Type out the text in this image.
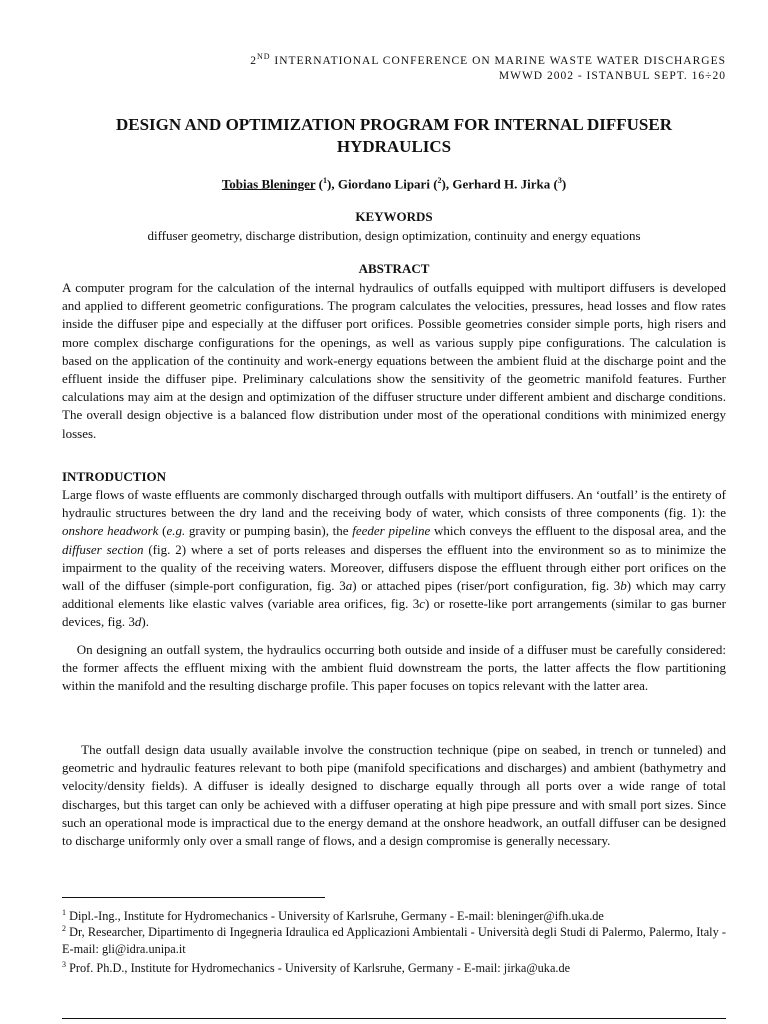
2ND INTERNATIONAL CONFERENCE ON MARINE WASTE WATER DISCHARGES
MWWD 2002 - ISTANBUL SEPT. 16÷20
DESIGN AND OPTIMIZATION PROGRAM FOR INTERNAL DIFFUSER
HYDRAULICS
Tobias Bleninger ($^1$), Giordano Lipari ($^2$), Gerhard H. Jirka ($^3$)
KEYWORDS
diffuser geometry, discharge distribution, design optimization, continuity and energy equations
ABSTRACT
A computer program for the calculation of the internal hydraulics of outfalls equipped with multiport diffusers is developed and applied to different geometric configurations. The program calculates the velocities, pressures, head losses and flow rates inside the diffuser pipe and especially at the diffuser port orifices. Possible geometries consider simple ports, high risers and more complex discharge configurations for the openings, as well as various supply pipe configurations. The calculation is based on the application of the continuity and work-energy equations between the ambient fluid at the discharge point and the effluent inside the diffuser pipe. Preliminary calculations show the sensitivity of the geometric manifold features. Further calculations may aim at the design and optimization of the diffuser structure under different ambient and discharge conditions. The overall design objective is a balanced flow distribution under most of the operational conditions with minimized energy losses.
INTRODUCTION
Large flows of waste effluents are commonly discharged through outfalls with multiport diffusers. An ‘outfall’ is the entirety of hydraulic structures between the dry land and the receiving body of water, which consists of three components (fig. 1): the onshore headwork (e.g. gravity or pumping basin), the feeder pipeline which conveys the effluent to the disposal area, and the diffuser section (fig. 2) where a set of ports releases and disperses the effluent into the environment so as to minimize the impairment to the quality of the receiving waters. Moreover, diffusers dispose the effluent through either port orifices on the wall of the diffuser (simple-port configuration, fig. 3a) or attached pipes (riser/port configuration, fig. 3b) which may carry additional elements like elastic valves (variable area orifices, fig. 3c) or rosette-like port arrangements (similar to gas burner devices, fig. 3d).
On designing an outfall system, the hydraulics occurring both outside and inside of a diffuser must be carefully considered: the former affects the effluent mixing with the ambient fluid downstream the ports, the latter affects the flow partitioning within the manifold and the resulting discharge profile. This paper focuses on topics relevant with the latter area.
The outfall design data usually available involve the construction technique (pipe on seabed, in trench or tunneled) and geometric and hydraulic features relevant to both pipe (manifold specifications and discharges) and ambient (bathymetry and velocity/density fields). A diffuser is ideally designed to discharge equally through all ports over a wide range of total discharges, but this target can only be achieved with a diffuser operating at high pipe pressure and with small port sizes. Since such an operational mode is impractical due to the energy demand at the onshore headwork, an outfall diffuser can be designed to discharge uniformly only over a small range of flows, and a design compromise is generally necessary.
$^1$ Dipl.-Ing., Institute for Hydromechanics - University of Karlsruhe, Germany - E-mail: bleninger@ifh.uka.de
$^2$ Dr, Researcher, Dipartimento di Ingegneria Idraulica ed Applicazioni Ambientali - Università degli Studi di Palermo, Palermo, Italy - E-mail: gli@idra.unipa.it
$^3$ Prof. Ph.D., Institute for Hydromechanics - University of Karlsruhe, Germany - E-mail: jirka@uka.de
